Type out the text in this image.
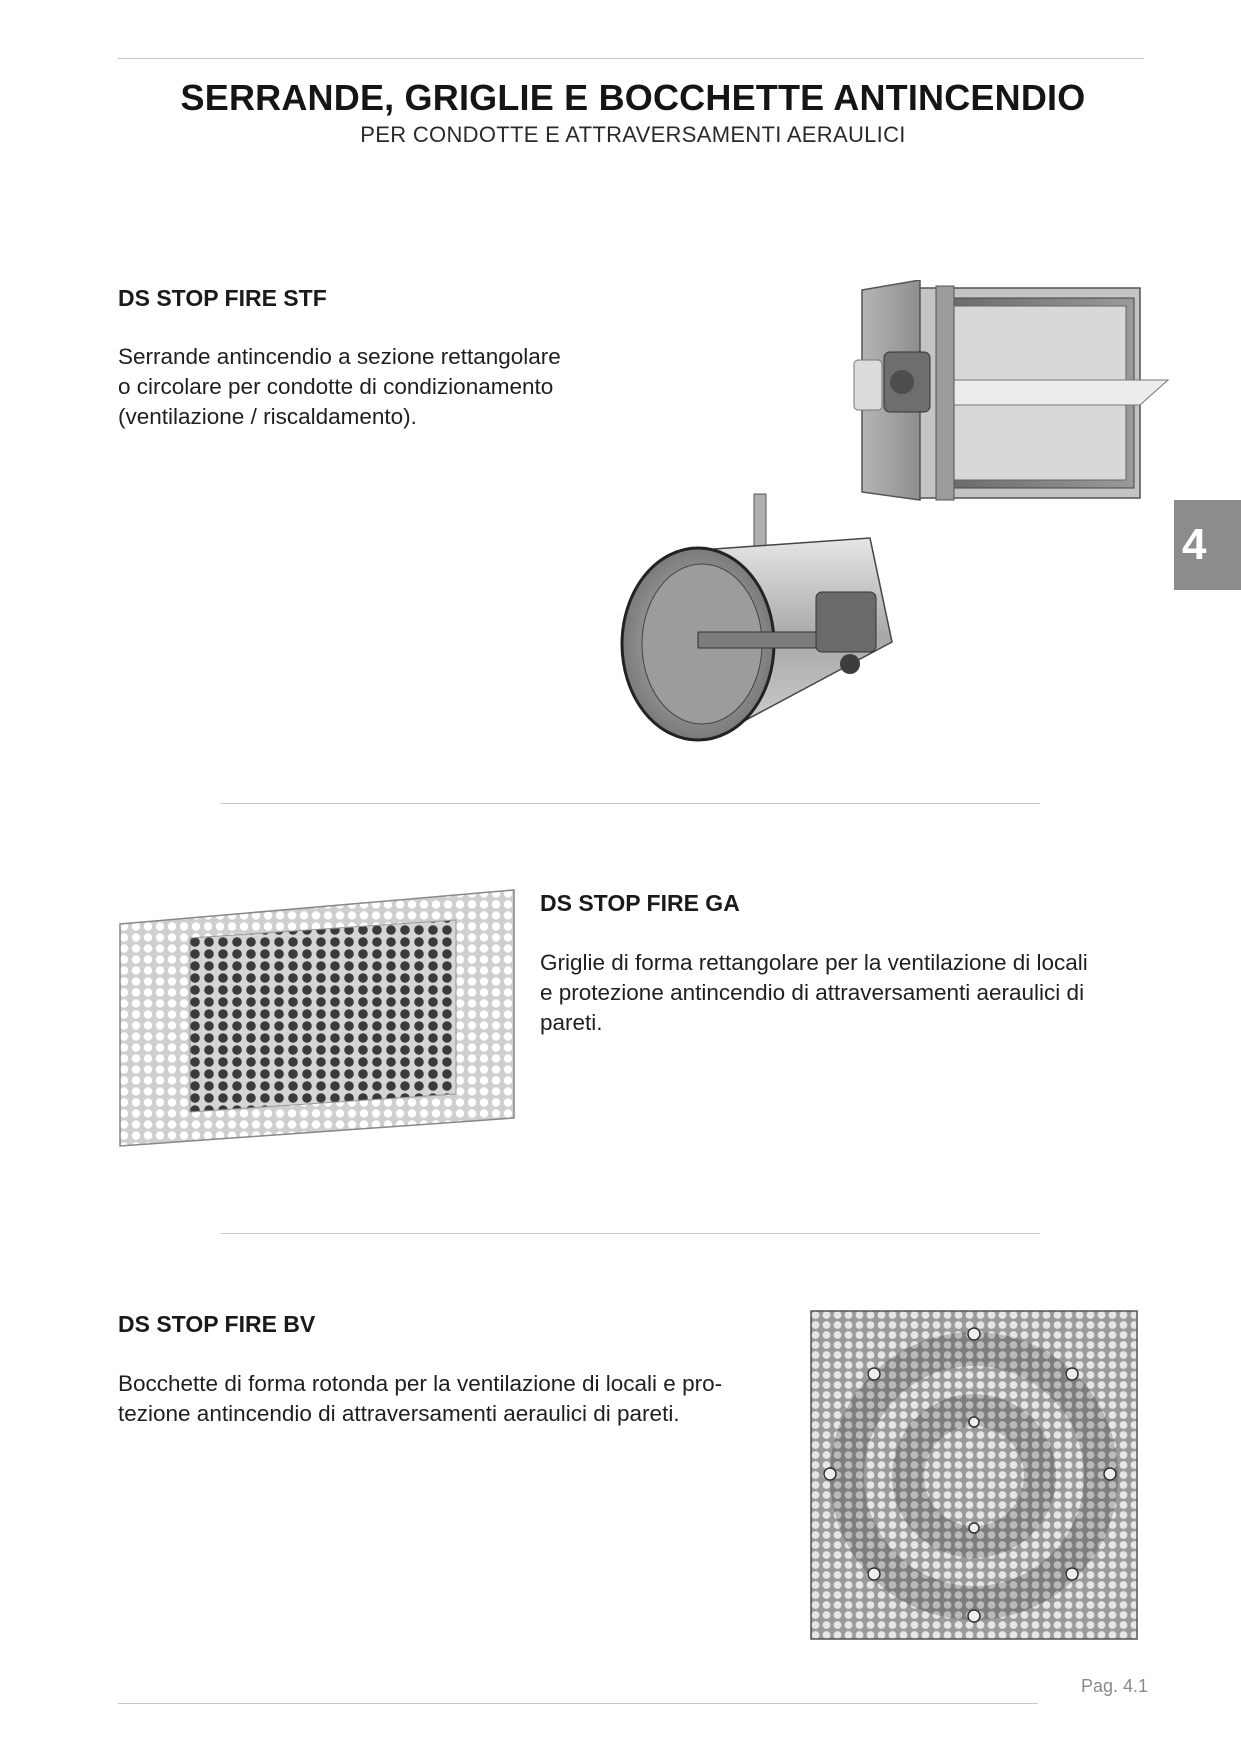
SERRANDE, GRIGLIE E BOCCHETTE ANTINCENDIO
PER CONDOTTE E ATTRAVERSAMENTI AERAULICI
DS STOP FIRE STF
Serrande antincendio a sezione rettangolare
o circolare per condotte di condizionamento
(ventilazione / riscaldamento).
4
DS STOP FIRE GA
Griglie di forma rettangolare per la ventilazione di locali
e protezione antincendio di attraversamenti aeraulici di
pareti.
DS STOP FIRE BV
Bocchette di forma rotonda per la ventilazione di locali e pro-
tezione antincendio di attraversamenti aeraulici di pareti.
Pag. 4.1
